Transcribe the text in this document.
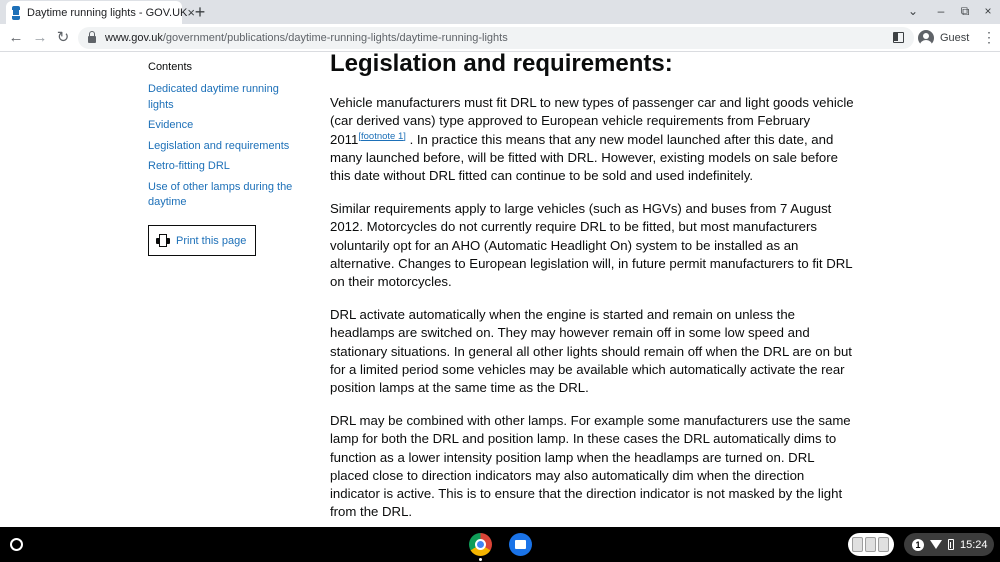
Daytime running lights - GOV.UK × +	⌄	–	⧉	×
← → ↻	www.gov.uk/government/publications/daytime-running-lights/daytime-running-lights	Guest ⋮
Contents
Dedicated daytime running lights
Evidence
Legislation and requirements
Retro-fitting DRL
Use of other lamps during the daytime
Print this page
Legislation and requirements:

Vehicle manufacturers must fit DRL to new types of passenger car and light goods vehicle (car derived vans) type approved to European vehicle requirements from February 2011[footnote 1] . In practice this means that any new model launched after this date, and many launched before, will be fitted with DRL. However, existing models on sale before this date without DRL fitted can continue to be sold and used indefinitely.

Similar requirements apply to large vehicles (such as HGVs) and buses from 7 August 2012. Motorcycles do not currently require DRL to be fitted, but most manufacturers voluntarily opt for an AHO (Automatic Headlight On) system to be installed as an alternative. Changes to European legislation will, in future permit manufacturers to fit DRL on their motorcycles.

DRL activate automatically when the engine is started and remain on unless the headlamps are switched on. They may however remain off in some low speed and stationary situations. In general all other lights should remain off when the DRL are on but for a limited period some vehicles may be available which automatically activate the rear position lamps at the same time as the DRL.

DRL may be combined with other lamps. For example some manufacturers use the same lamp for both the DRL and position lamp. In these cases the DRL automatically dims to function as a lower intensity position lamp when the headlamps are turned on. DRL placed close to direction indicators may also automatically dim when the direction indicator is active. This is to ensure that the direction indicator is not masked by the light from the DRL.

1	15:24
